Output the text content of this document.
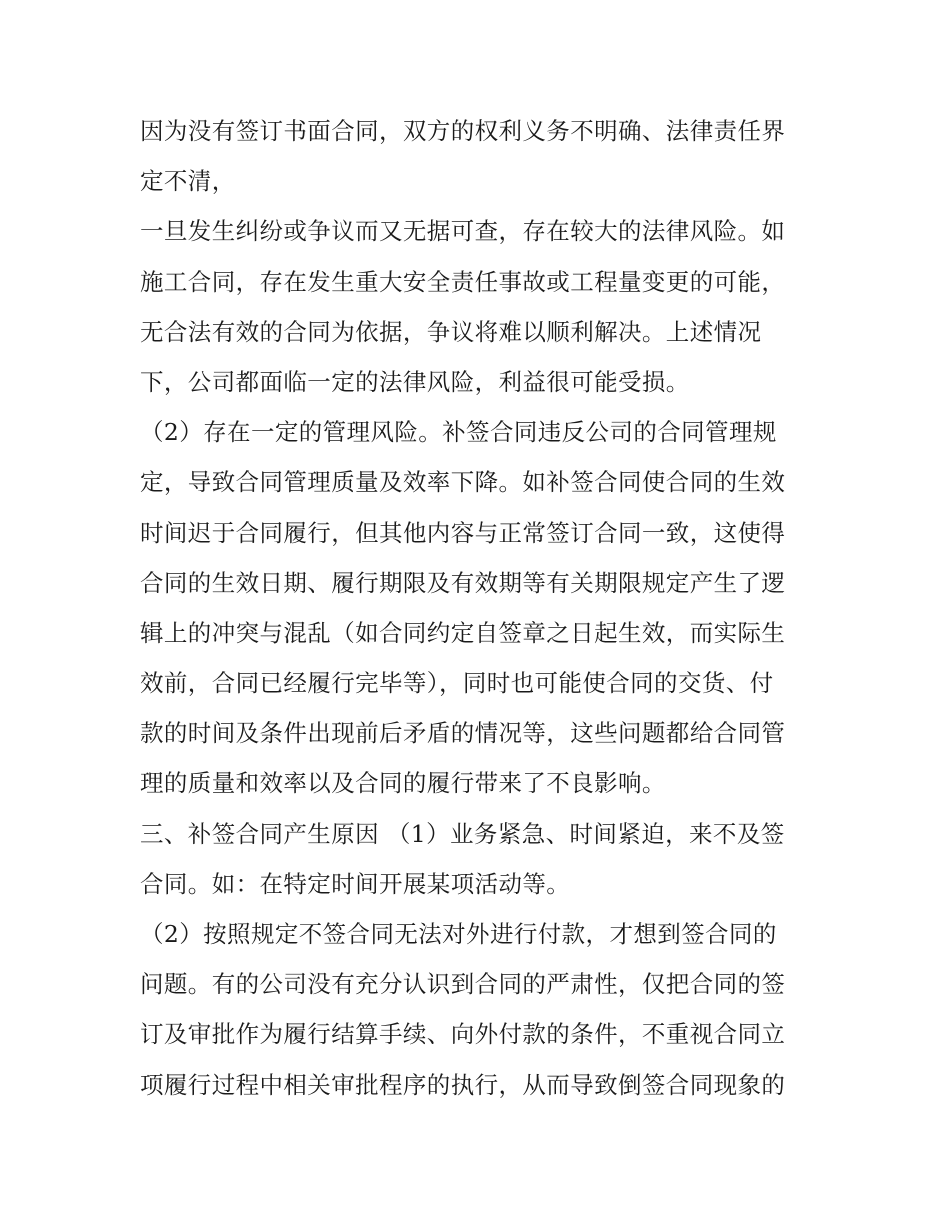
因为没有签订书面合同，双方的权利义务不明确、法律责任界
定不清，
一旦发生纠纷或争议而又无据可查，存在较大的法律风险。如
施工合同，存在发生重大安全责任事故或工程量变更的可能，
无合法有效的合同为依据，争议将难以顺利解决。上述情况
下，公司都面临一定的法律风险，利益很可能受损。
（2）存在一定的管理风险。补签合同违反公司的合同管理规
定，导致合同管理质量及效率下降。如补签合同使合同的生效
时间迟于合同履行，但其他内容与正常签订合同一致，这使得
合同的生效日期、履行期限及有效期等有关期限规定产生了逻
辑上的冲突与混乱（如合同约定自签章之日起生效，而实际生
效前，合同已经履行完毕等），同时也可能使合同的交货、付
款的时间及条件出现前后矛盾的情况等，这些问题都给合同管
理的质量和效率以及合同的履行带来了不良影响。
三、补签合同产生原因 （1）业务紧急、时间紧迫，来不及签
合同。如：在特定时间开展某项活动等。
（2）按照规定不签合同无法对外进行付款，才想到签合同的
问题。有的公司没有充分认识到合同的严肃性，仅把合同的签
订及审批作为履行结算手续、向外付款的条件，不重视合同立
项履行过程中相关审批程序的执行，从而导致倒签合同现象的
